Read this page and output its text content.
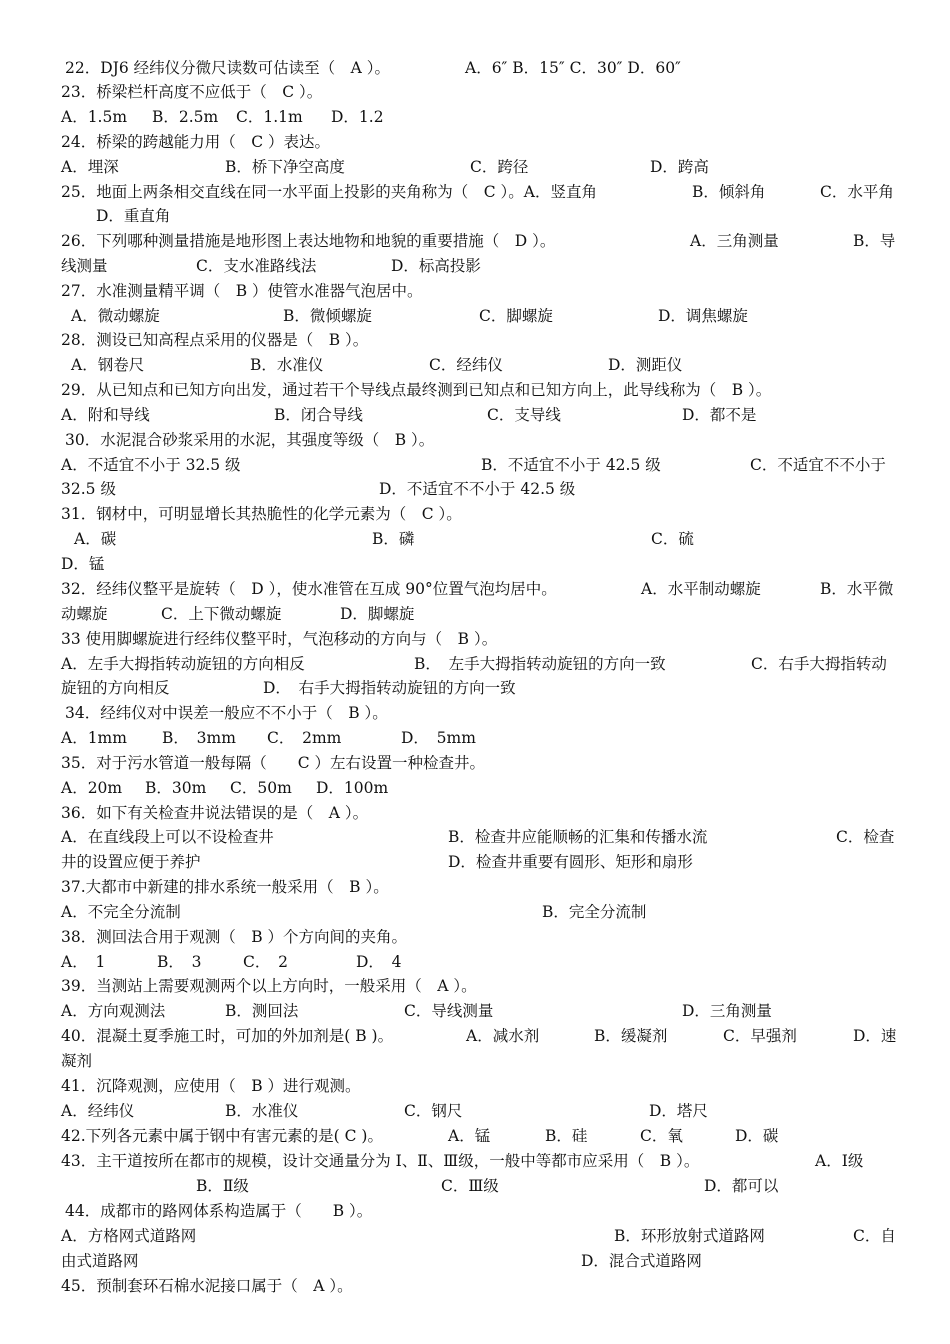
22．DJ6 经纬仪分微尺读数可估读至（　A ）。	A．6″ B．15″ C．30″ D．60″
23．桥梁栏杆高度不应低于（　C ）。
A．1.5m B．2.5m C．1.1m D．1.2
24．桥梁的跨越能力用（　C ）表达。
A．埋深	B．桥下净空高度	C．跨径	D．跨高
25．地面上两条相交直线在同一水平面上投影的夹角称为（　C ）。A．竖直角	B．倾斜角	C．水平角
D．重直角
26．下列哪种测量措施是地形图上表达地物和地貌的重要措施（　D ）。	A．三角测量	B．导
线测量	C．支水准路线法	D．标高投影
27．水准测量精平调（　B ）使管水准器气泡居中。
A．微动螺旋	B．微倾螺旋	C．脚螺旋	D．调焦螺旋
28．测设已知高程点采用的仪器是（　B ）。
A．钢卷尺	B．水准仪	C．经纬仪	D．测距仪
29．从已知点和已知方向出发，通过若干个导线点最终测到已知点和已知方向上，此导线称为（　B ）。
A．附和导线	B．闭合导线	C．支导线	D．都不是
30．水泥混合砂浆采用的水泥，其强度等级（　B ）。
A．不适宜不小于 32.5 级	B．不适宜不小于 42.5 级	C．不适宜不不小于
32.5 级	D．不适宜不不小于 42.5 级
31．钢材中，可明显增长其热脆性的化学元素为（　C ）。
A．碳	B．磷	C．硫
D．锰
32．经纬仪整平是旋转（　D ），使水准管在互成 90°位置气泡均居中。	A．水平制动螺旋	B．水平微
动螺旋	C．上下微动螺旋	D．脚螺旋
33 使用脚螺旋进行经纬仪整平时，气泡移动的方向与（　B ）。
A．左手大拇指转动旋钮的方向相反	B．　左手大拇指转动旋钮的方向一致	C．右手大拇指转动
旋钮的方向相反	D．　右手大拇指转动旋钮的方向一致
34．经纬仪对中误差一般应不不小于（　B ）。
A．1mm B．　3mm C．　2mm	D．　5mm
35．对于污水管道一般每隔（　　C ）左右设置一种检查井。
A．20m B．30m C．50m D．100m
36．如下有关检查井说法错误的是（　A ）。
A．在直线段上可以不设检查井	B．检查井应能顺畅的汇集和传播水流	C．检查
井的设置应便于养护	D．检查井重要有圆形、矩形和扇形
37.大都市中新建的排水系统一般采用（　B ）。
A．不完全分流制	B．完全分流制
38．测回法合用于观测（　B ）个方向间的夹角。
A．　1	B．　3	C．　2	D．　4
39．当测站上需要观测两个以上方向时，一般采用（　A ）。
A．方向观测法	B．测回法	C．导线测量	D．三角测量
40．混凝土夏季施工时，可加的外加剂是( B )。	A．减水剂	B．缓凝剂	C．早强剂	D．速
凝剂
41．沉降观测，应使用（　B ）进行观测。
A．经纬仪	B．水准仪	C．钢尺	D．塔尺
42.下列各元素中属于钢中有害元素的是( C )。	A．锰	B．硅	C．氧	D．碳
43．主干道按所在都市的规模，设计交通量分为 Ⅰ、Ⅱ、Ⅲ级，一般中等都市应采用（　B ）。	A．Ⅰ级
B．Ⅱ级	C．Ⅲ级	D．都可以
44．成都市的路网体系构造属于（　　B ）。
A．方格网式道路网	B．环形放射式道路网	C．自
由式道路网	D．混合式道路网
45．预制套环石棉水泥接口属于（　A ）。
